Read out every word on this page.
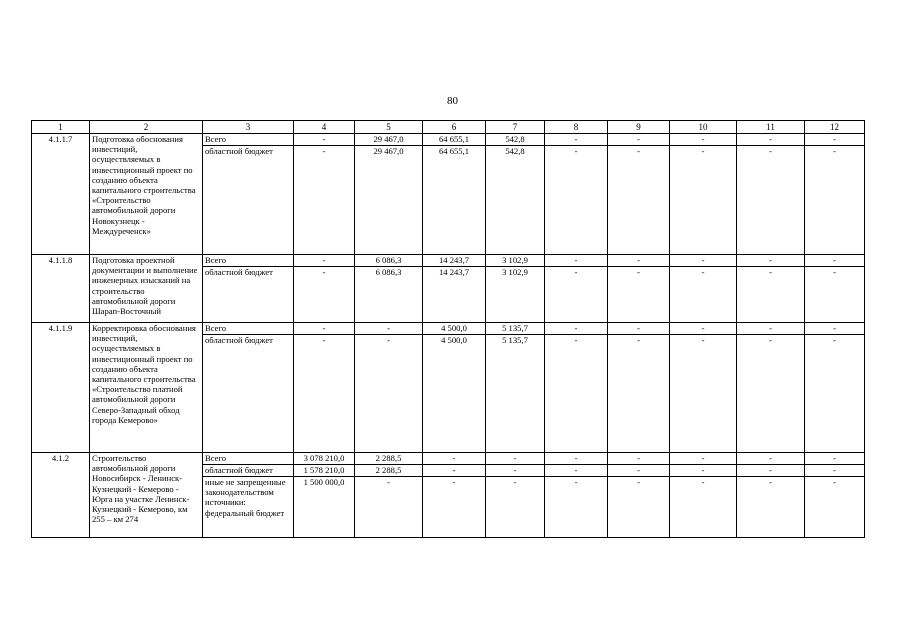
80
1	2	3	4	5	6	7	8	9	10	11	12
4.1.1.7	Подготовка обоснования инвестиций, осуществляемых в инвестиционный проект по созданию объекта капитального строительства «Строительство автомобильной дороги Новокузнецк - Междуреченск»	Всего	-	29 467,0	64 655,1	542,8	-	-	-	-	-
		областной бюджет	-	29 467,0	64 655,1	542,8	-	-	-	-	-
4.1.1.8	Подготовка проектной документации и выполнение инженерных изысканий на строительство автомобильной дороги Шарап-Восточный	Всего	-	6 086,3	14 243,7	3 102,9	-	-	-	-	-
		областной бюджет	-	6 086,3	14 243,7	3 102,9	-	-	-	-	-
4.1.1.9	Корректировка обоснования инвестиций, осуществляемых в инвестиционный проект по созданию объекта капитального строительства «Строительство платной автомобильной дороги Северо-Западный обход города Кемерово»	Всего	-	-	4 500,0	5 135,7	-	-	-	-	-
		областной бюджет	-	-	4 500,0	5 135,7	-	-	-	-	-
4.1.2	Строительство автомобильной дороги Новосибирск - Ленинск-Кузнецкий - Кемерово - Юрга на участке Ленинск-Кузнецкий - Кемерово, км 255 – км 274	Всего	3 078 210,0	2 288,5	-	-	-	-	-	-	-
		областной бюджет	1 578 210,0	2 288,5	-	-	-	-	-	-	-
		иные не запрещенные законодательством источники: федеральный бюджет	1 500 000,0	-	-	-	-	-	-	-	-
